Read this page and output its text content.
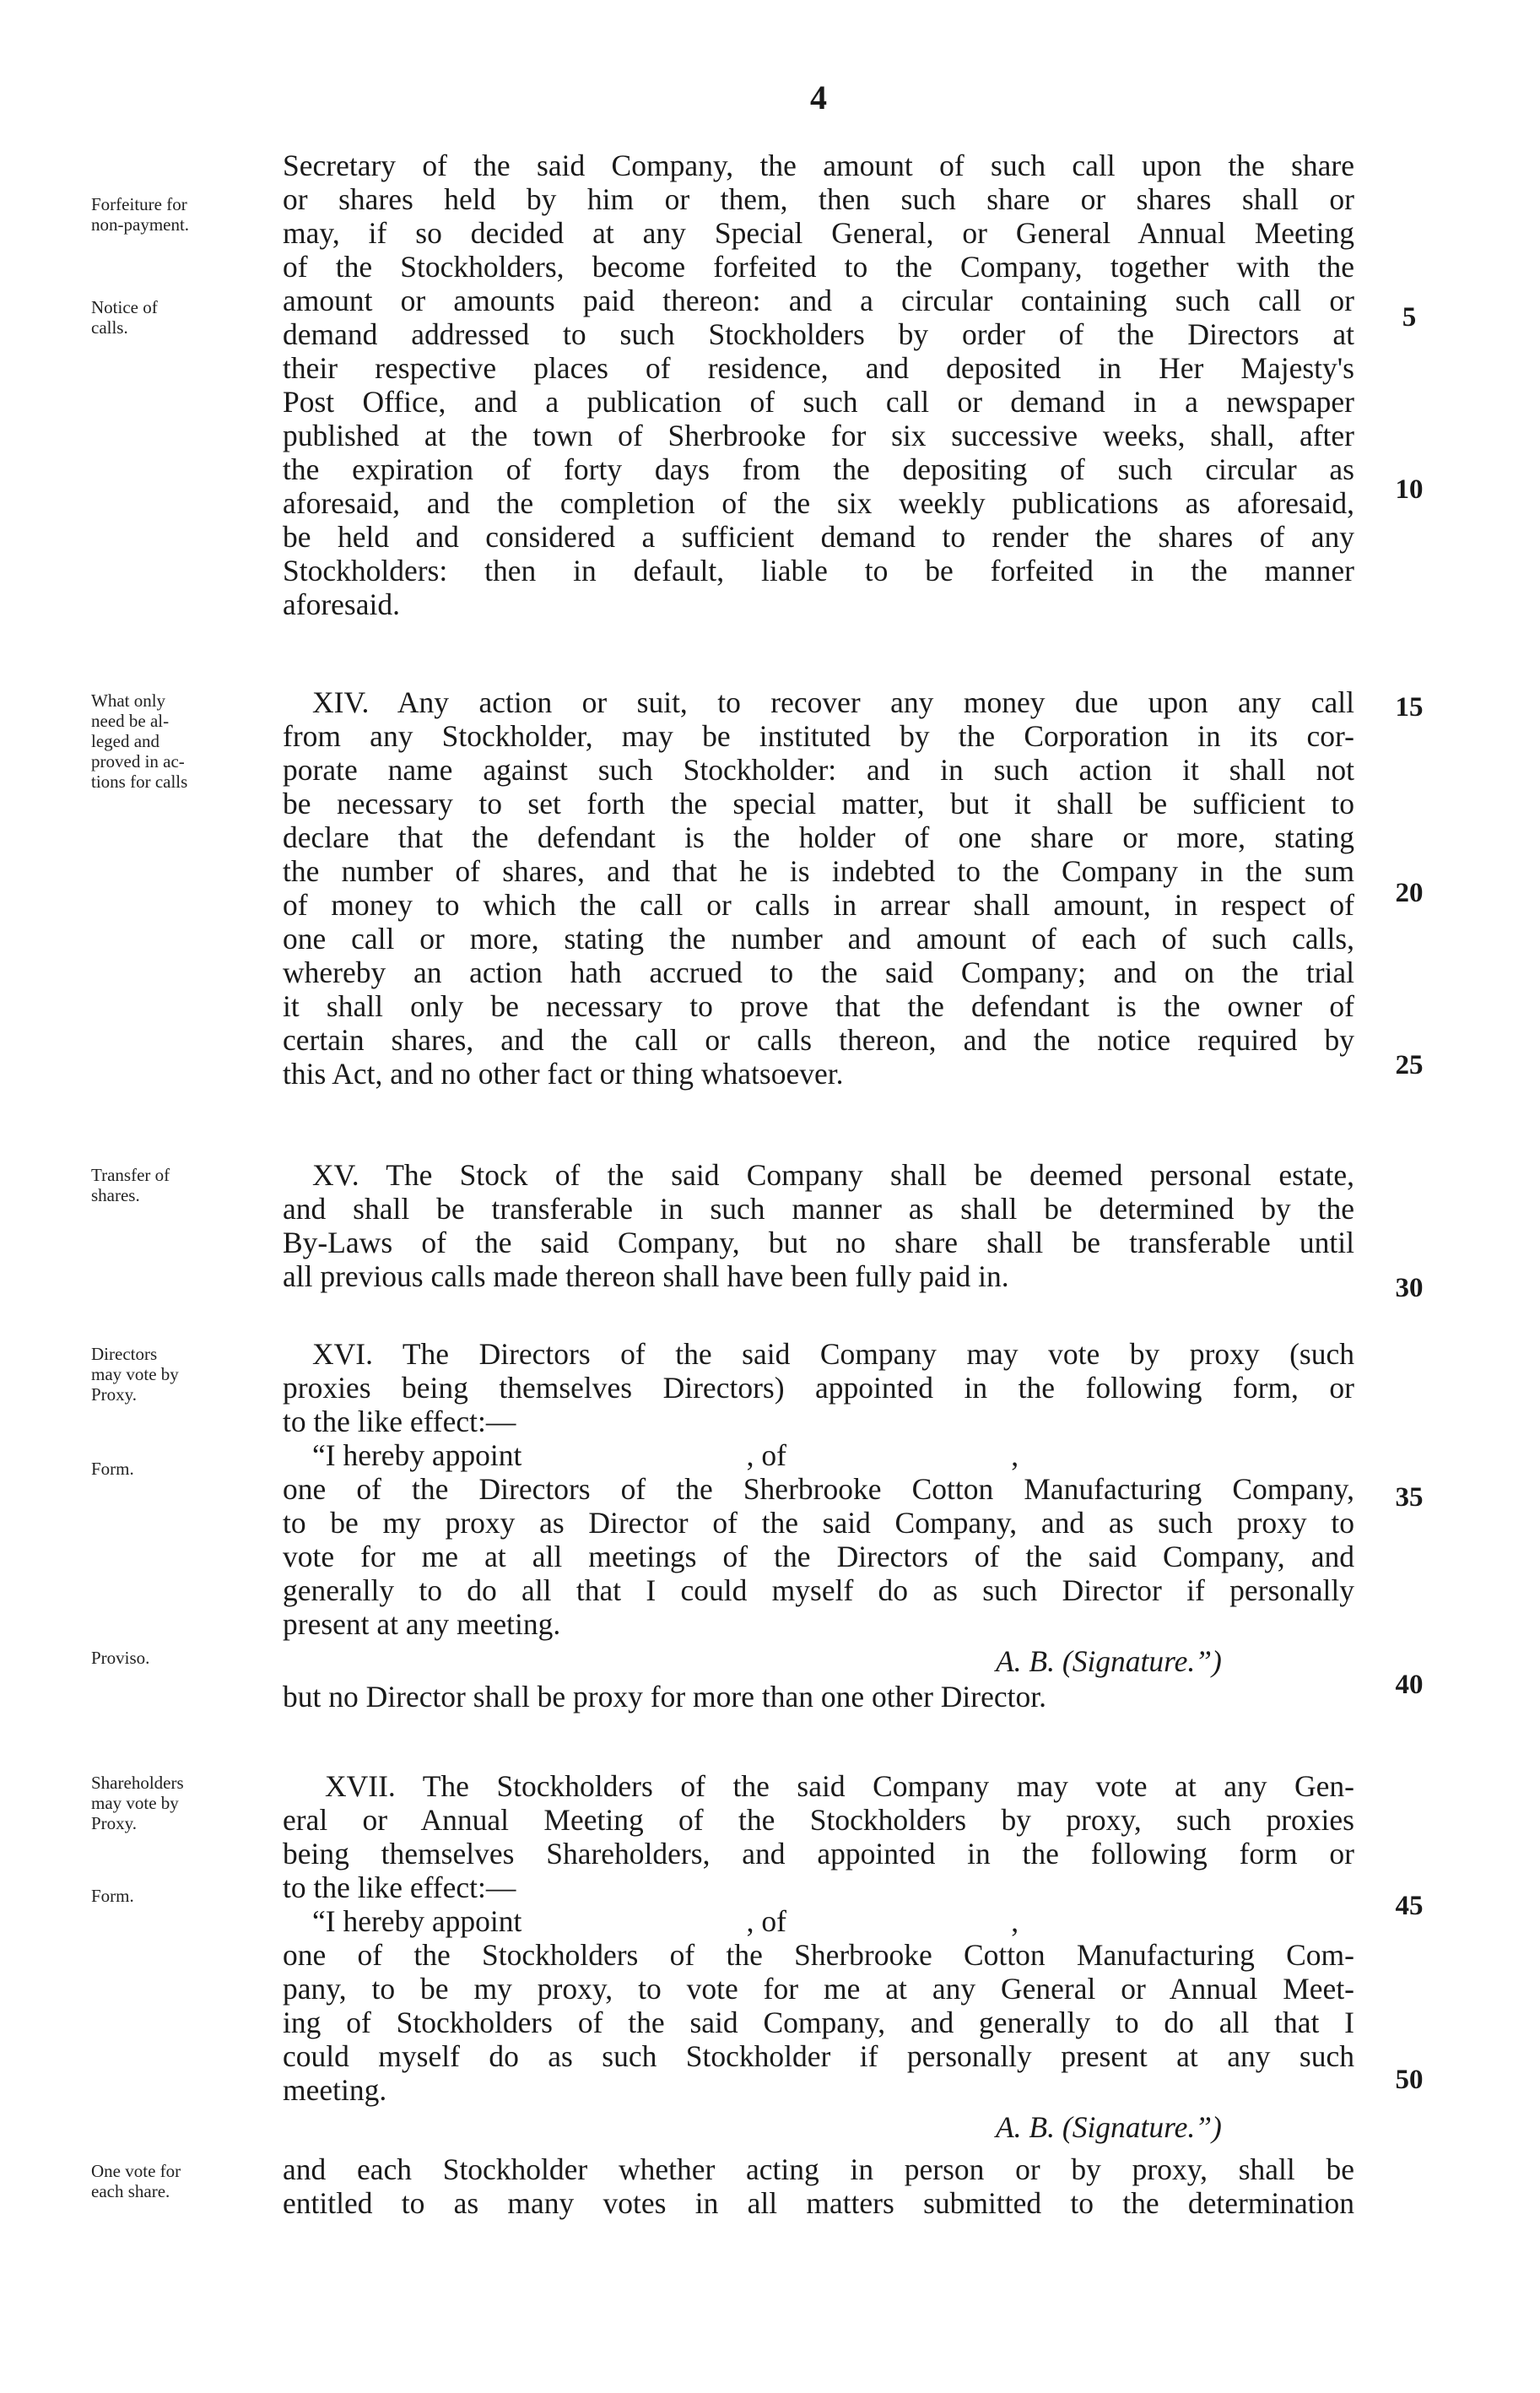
4
Forfeiture for
non-payment.
Notice of
calls.
What only
need be al-
leged and
proved in ac-
tions for calls
Transfer of
shares.
Directors
may vote by
Proxy.
Form.
Proviso.
Shareholders
may vote by
Proxy.
Form.
One vote for
each share.
Secretary of the said Company, the amount of such call upon the share
or shares held by him or them, then such share or shares shall or
may, if so decided at any Special General, or General Annual Meeting
of the Stockholders, become forfeited to the Company, together with the
amount or amounts paid thereon: and a circular containing such call or
demand addressed to such Stockholders by order of the Directors at
their respective places of residence, and deposited in Her Majesty's
Post Office, and a publication of such call or demand in a newspaper
published at the town of Sherbrooke for six successive weeks, shall, after
the expiration of forty days from the depositing of such circular as
aforesaid, and the completion of the six weekly publications as aforesaid,
be held and considered a sufficient demand to render the shares of any
Stockholders: then in default, liable to be forfeited in the manner
aforesaid.
XIV. Any action or suit, to recover any money due upon any call
from any Stockholder, may be instituted by the Corporation in its cor-
porate name against such Stockholder: and in such action it shall not
be necessary to set forth the special matter, but it shall be sufficient to
declare that the defendant is the holder of one share or more, stating
the number of shares, and that he is indebted to the Company in the sum
of money to which the call or calls in arrear shall amount, in respect of
one call or more, stating the number and amount of each of such calls,
whereby an action hath accrued to the said Company; and on the trial
it shall only be necessary to prove that the defendant is the owner of
certain shares, and the call or calls thereon, and the notice required by
this Act, and no other fact or thing whatsoever.
XV. The Stock of the said Company shall be deemed personal estate,
and shall be transferable in such manner as shall be determined by the
By-Laws of the said Company, but no share shall be transferable until
all previous calls made thereon shall have been fully paid in.
XVI. The Directors of the said Company may vote by proxy (such
proxies being themselves Directors) appointed in the following form, or
to the like effect:—
“I hereby appoint                              , of                              ,
one of the Directors of the Sherbrooke Cotton Manufacturing Company,
to be my proxy as Director of the said Company, and as such proxy to
vote for me at all meetings of the Directors of the said Company, and
generally to do all that I could myself do as such Director if personally
present at any meeting.
A. B. (Signature.”)
but no Director shall be proxy for more than one other Director.
XVII. The Stockholders of the said Company may vote at any Gen-
eral or Annual Meeting of the Stockholders by proxy, such proxies
being themselves Shareholders, and appointed in the following form or
to the like effect:—
“I hereby appoint                              , of                              ,
one of the Stockholders of the Sherbrooke Cotton Manufacturing Com-
pany, to be my proxy, to vote for me at any General or Annual Meet-
ing of Stockholders of the said Company, and generally to do all that I
could myself do as such Stockholder if personally present at any such
meeting.
A. B. (Signature.”)
and each Stockholder whether acting in person or by proxy, shall be
entitled to as many votes in all matters submitted to the determination
5
10
15
20
25
30
35
40
45
50
